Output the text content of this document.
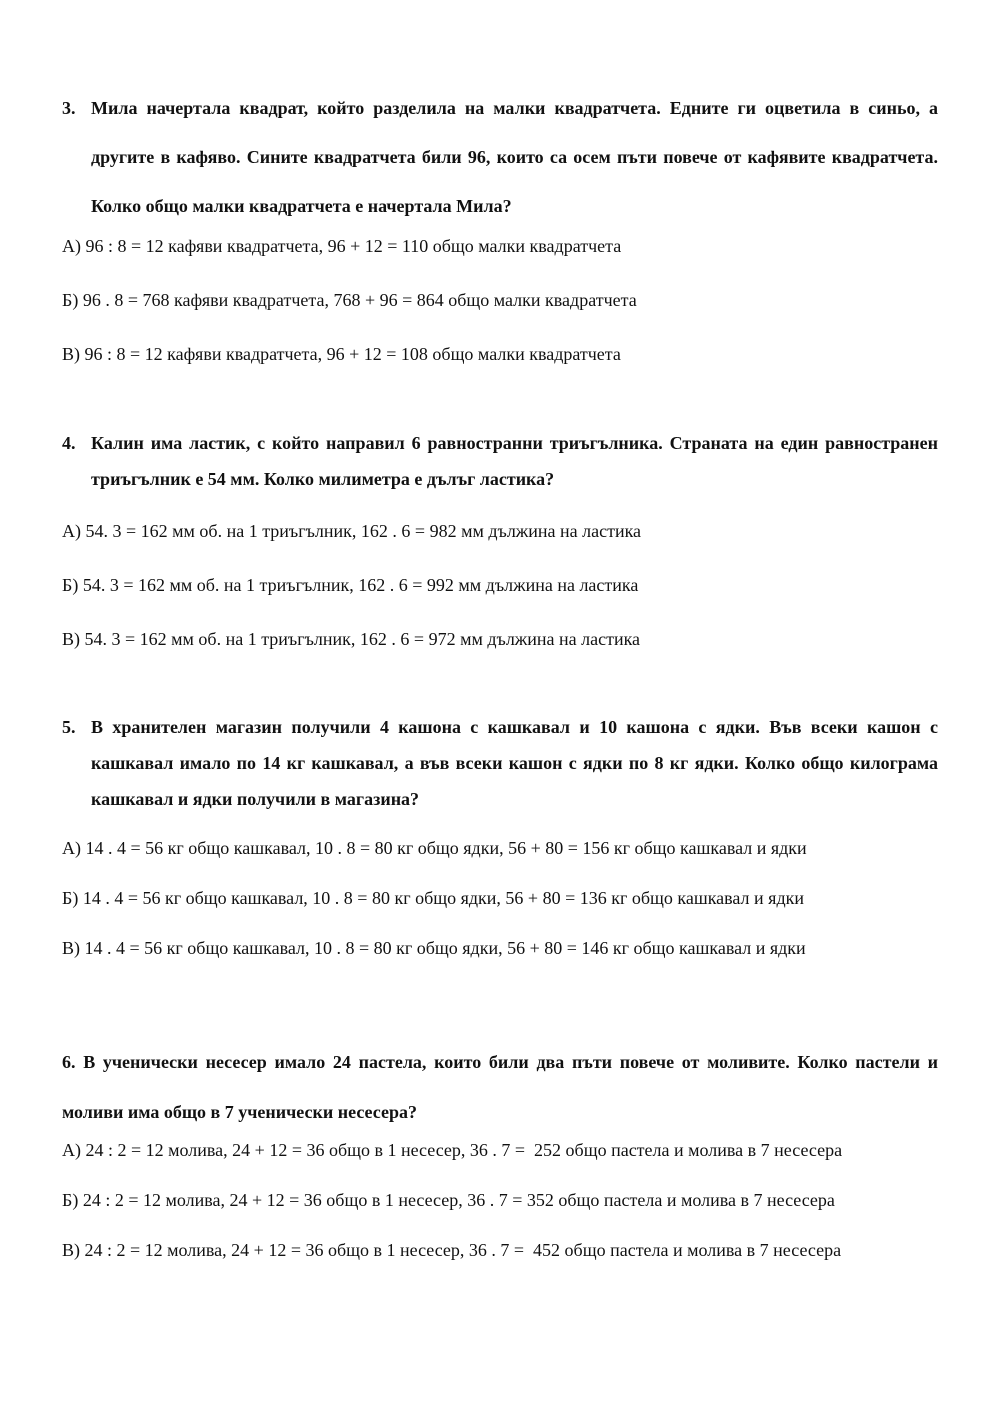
3. Мила начертала квадрат, който разделила на малки квадратчета. Едните ги оцветила в синьо, а другите в кафяво. Сините квадратчета били 96, които са осем пъти повече от кафявите квадратчета. Колко общо малки квадратчета е начертала Мила?
А) 96 : 8 = 12 кафяви квадратчета, 96 + 12 = 110 общо малки квадратчета
Б) 96 . 8 = 768 кафяви квадратчета, 768 + 96 = 864 общо малки квадратчета
В) 96 : 8 = 12 кафяви квадратчета, 96 + 12 = 108 общо малки квадратчета
4. Калин има ластик, с който направил 6 равностранни триъгълника. Страната на един равностранен триъгълник е 54 мм. Колко милиметра е дълъг ластика?
А) 54. 3 = 162 мм об. на 1 триъгълник, 162 . 6 = 982 мм дължина на ластика
Б) 54. 3 = 162 мм об. на 1 триъгълник, 162 . 6 = 992 мм дължина на ластика
В) 54. 3 = 162 мм об. на 1 триъгълник, 162 . 6 = 972 мм дължина на ластика
5. В хранителен магазин получили 4 кашона с кашкавал и 10 кашона с ядки. Във всеки кашон с кашкавал имало по 14 кг кашкавал, а във всеки кашон с ядки по 8 кг ядки. Колко общо килограма кашкавал и ядки получили в магазина?
А) 14 . 4 = 56 кг общо кашкавал, 10 . 8 = 80 кг общо ядки, 56 + 80 = 156 кг общо кашкавал и ядки
Б) 14 . 4 = 56 кг общо кашкавал, 10 . 8 = 80 кг общо ядки, 56 + 80 = 136 кг общо кашкавал и ядки
В) 14 . 4 = 56 кг общо кашкавал, 10 . 8 = 80 кг общо ядки, 56 + 80 = 146 кг общо кашкавал и ядки
6. В ученически несесер имало 24 пастела, които били два пъти повече от моливите. Колко пастели и моливи има общо в 7 ученически несесера?
А) 24 : 2 = 12 молива, 24 + 12 = 36 общо в 1 несесер, 36 . 7 =  252 общо пастела и молива в 7 несесера
Б) 24 : 2 = 12 молива, 24 + 12 = 36 общо в 1 несесер, 36 . 7 = 352 общо пастела и молива в 7 несесера
В) 24 : 2 = 12 молива, 24 + 12 = 36 общо в 1 несесер, 36 . 7 =  452 общо пастела и молива в 7 несесера
